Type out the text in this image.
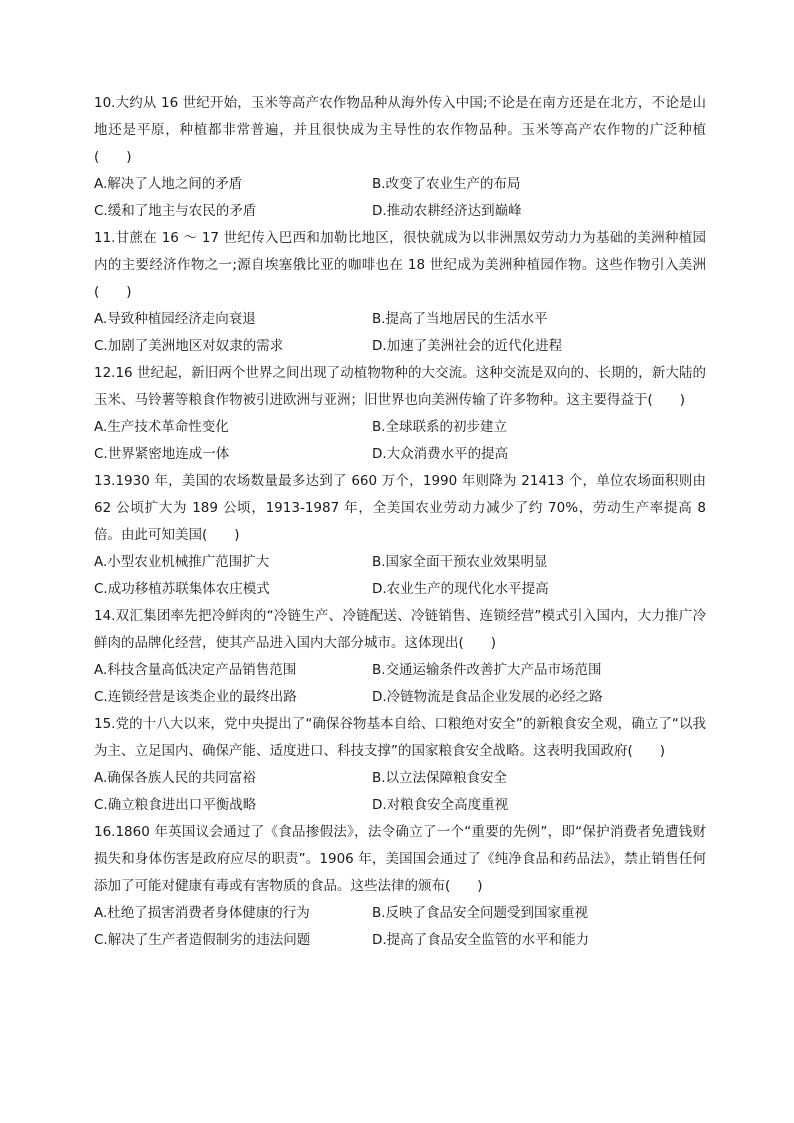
10.大约从 16 世纪开始，玉米等高产农作物品种从海外传入中国;不论是在南方还是在北方，不论是山地还是平原，种植都非常普遍，并且很快成为主导性的农作物品种。玉米等高产农作物的广泛种植(　　)

A.解决了人地之间的矛盾	B.改变了农业生产的布局
C.缓和了地主与农民的矛盾	D.推动农耕经济达到巅峰

11.甘蔗在 16 ～ 17 世纪传入巴西和加勒比地区，很快就成为以非洲黑奴劳动力为基础的美洲种植园内的主要经济作物之一;源自埃塞俄比亚的咖啡也在 18 世纪成为美洲种植园作物。这些作物引入美洲(　　)

A.导致种植园经济走向衰退	B.提高了当地居民的生活水平
C.加剧了美洲地区对奴隶的需求	D.加速了美洲社会的近代化进程

12.16 世纪起，新旧两个世界之间出现了动植物物种的大交流。这种交流是双向的、长期的，新大陆的玉米、马铃薯等粮食作物被引进欧洲与亚洲；旧世界也向美洲传输了许多物种。这主要得益于(　　)

A.生产技术革命性变化	B.全球联系的初步建立
C.世界紧密地连成一体	D.大众消费水平的提高

13.1930 年，美国的农场数量最多达到了 660 万个，1990 年则降为 21413 个，单位农场面积则由 62 公顷扩大为 189 公顷，1913-1987 年，全美国农业劳动力减少了约 70%，劳动生产率提高 8 倍。由此可知美国(　　)

A.小型农业机械推广范围扩大	B.国家全面干预农业效果明显
C.成功移植苏联集体农庄模式	D.农业生产的现代化水平提高

14.双汇集团率先把冷鲜肉的“冷链生产、冷链配送、冷链销售、连锁经营”模式引入国内，大力推广冷鲜肉的品牌化经营，使其产品进入国内大部分城市。这体现出(　　)

A.科技含量高低决定产品销售范围	B.交通运输条件改善扩大产品市场范围
C.连锁经营是该类企业的最终出路	D.冷链物流是食品企业发展的必经之路

15.党的十八大以来，党中央提出了“确保谷物基本自给、口粮绝对安全”的新粮食安全观，确立了“以我为主、立足国内、确保产能、适度进口、科技支撑”的国家粮食安全战略。这表明我国政府(　　)

A.确保各族人民的共同富裕	B.以立法保障粮食安全
C.确立粮食进出口平衡战略	D.对粮食安全高度重视

16.1860 年英国议会通过了《食品掺假法》，法令确立了一个“重要的先例”，即“保护消费者免遭钱财损失和身体伤害是政府应尽的职责”。1906 年，美国国会通过了《纯净食品和药品法》，禁止销售任何添加了可能对健康有毒或有害物质的食品。这些法律的颁布(　　)

A.杜绝了损害消费者身体健康的行为	B.反映了食品安全问题受到国家重视
C.解决了生产者造假制劣的违法问题	D.提高了食品安全监管的水平和能力
